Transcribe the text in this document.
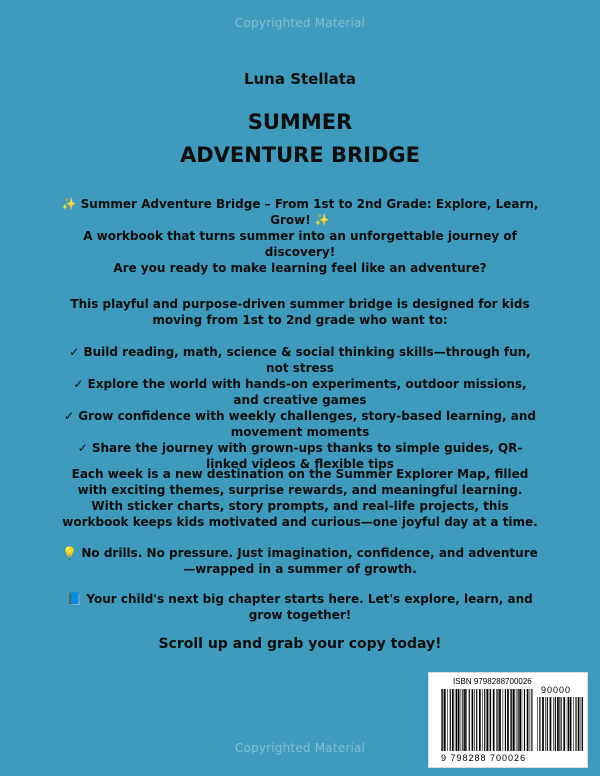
Copyrighted Material
Luna Stellata
SUMMER
ADVENTURE BRIDGE
✨ Summer Adventure Bridge – From 1st to 2nd Grade: Explore, Learn, Grow! ✨
A workbook that turns summer into an unforgettable journey of discovery!
Are you ready to make learning feel like an adventure?
This playful and purpose-driven summer bridge is designed for kids moving from 1st to 2nd grade who want to:
✓ Build reading, math, science & social thinking skills—through fun, not stress
✓ Explore the world with hands-on experiments, outdoor missions, and creative games
✓ Grow confidence with weekly challenges, story-based learning, and movement moments
✓ Share the journey with grown-ups thanks to simple guides, QR-linked videos & flexible tips
Each week is a new destination on the Summer Explorer Map, filled with exciting themes, surprise rewards, and meaningful learning. With sticker charts, story prompts, and real-life projects, this workbook keeps kids motivated and curious—one joyful day at a time.
💡 No drills. No pressure. Just imagination, confidence, and adventure—wrapped in a summer of growth.
📘 Your child's next big chapter starts here. Let's explore, learn, and grow together!
Scroll up and grab your copy today!
ISBN 9798288700026
90000
9 798288 700026
Copyrighted Material
